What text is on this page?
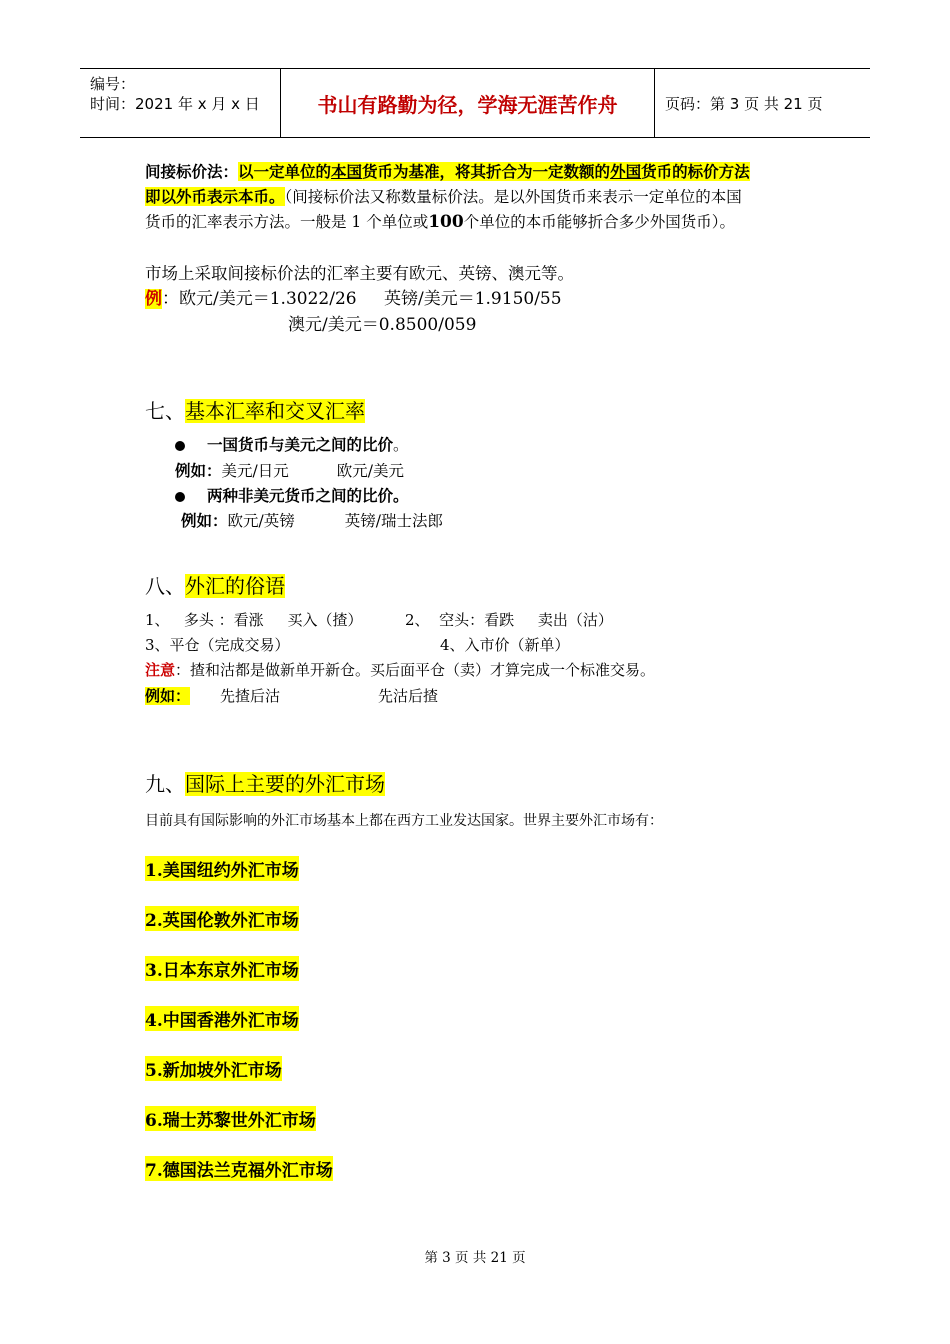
编号：
时间：2021 年 x 月 x 日	书山有路勤为径，学海无涯苦作舟	页码：第 3 页 共 21 页
间接标价法：以一定单位的本国货币为基准，将其折合为一定数额的外国货币的标价方法
即以外币表示本币。（间接标价法又称数量标价法。是以外国货币来表示一定单位的本国
货币的汇率表示方法。一般是 1 个单位或100个单位的本币能够折合多少外国货币）。
市场上采取间接标价法的汇率主要有欧元、英镑、澳元等。
例：欧元/美元＝1.3022/26 英镑/美元＝1.9150/55
澳元/美元＝0.8500/059
七、基本汇率和交叉汇率
一国货币与美元之间的比价。
例如：美元/日元	欧元/美元
两种非美元货币之间的比价。
例如：欧元/英镑	英镑/瑞士法郎
八、外汇的俗语
1、   多头 ：看涨     买入（揸）	2、  空头：看跌     卖出（沽）
3、平仓（完成交易）	4、入市价（新单）
注意：揸和沽都是做新单开新仓。买后面平仓（卖）才算完成一个标准交易。
例如： 先揸后沽	先沽后揸
九、国际上主要的外汇市场
目前具有国际影响的外汇市场基本上都在西方工业发达国家。世界主要外汇市场有：
1.美国纽约外汇市场
2.英国伦敦外汇市场
3.日本东京外汇市场
4.中国香港外汇市场
5.新加坡外汇市场
6.瑞士苏黎世外汇市场
7.德国法兰克福外汇市场
第 3 页 共 21 页
